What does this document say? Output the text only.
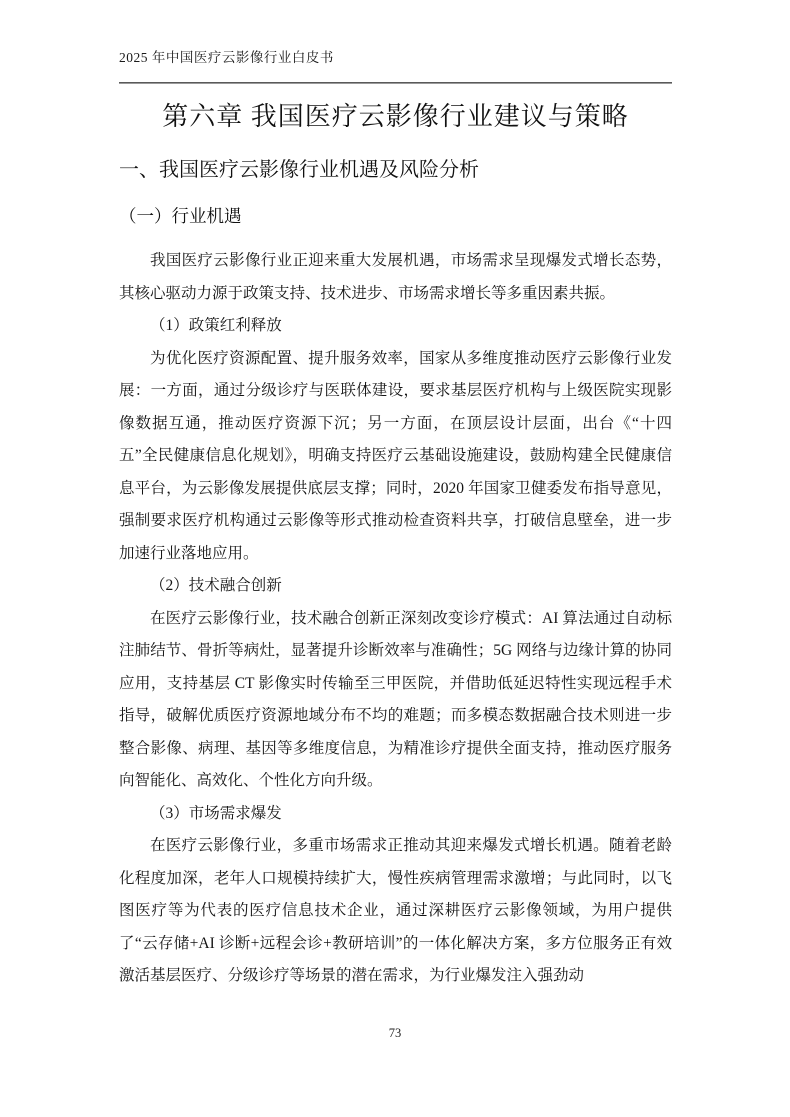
2025 年中国医疗云影像行业白皮书
第六章 我国医疗云影像行业建议与策略
一、我国医疗云影像行业机遇及风险分析
（一）行业机遇

我国医疗云影像行业正迎来重大发展机遇，市场需求呈现爆发式增长态势，其核心驱动力源于政策支持、技术进步、市场需求增长等多重因素共振。

（1）政策红利释放

为优化医疗资源配置、提升服务效率，国家从多维度推动医疗云影像行业发展：一方面，通过分级诊疗与医联体建设，要求基层医疗机构与上级医院实现影像数据互通，推动医疗资源下沉；另一方面，在顶层设计层面，出台《“十四五”全民健康信息化规划》，明确支持医疗云基础设施建设，鼓励构建全民健康信息平台，为云影像发展提供底层支撑；同时，2020 年国家卫健委发布指导意见，强制要求医疗机构通过云影像等形式推动检查资料共享，打破信息壁垒，进一步加速行业落地应用。

（2）技术融合创新

在医疗云影像行业，技术融合创新正深刻改变诊疗模式：AI 算法通过自动标注肺结节、骨折等病灶，显著提升诊断效率与准确性；5G 网络与边缘计算的协同应用，支持基层 CT 影像实时传输至三甲医院，并借助低延迟特性实现远程手术指导，破解优质医疗资源地域分布不均的难题；而多模态数据融合技术则进一步整合影像、病理、基因等多维度信息，为精准诊疗提供全面支持，推动医疗服务向智能化、高效化、个性化方向升级。

（3）市场需求爆发

在医疗云影像行业，多重市场需求正推动其迎来爆发式增长机遇。随着老龄化程度加深，老年人口规模持续扩大，慢性疾病管理需求激增；与此同时，以飞图医疗等为代表的医疗信息技术企业，通过深耕医疗云影像领域，为用户提供了“云存储+AI 诊断+远程会诊+教研培训”的一体化解决方案，多方位服务正有效激活基层医疗、分级诊疗等场景的潜在需求，为行业爆发注入强劲动

73
